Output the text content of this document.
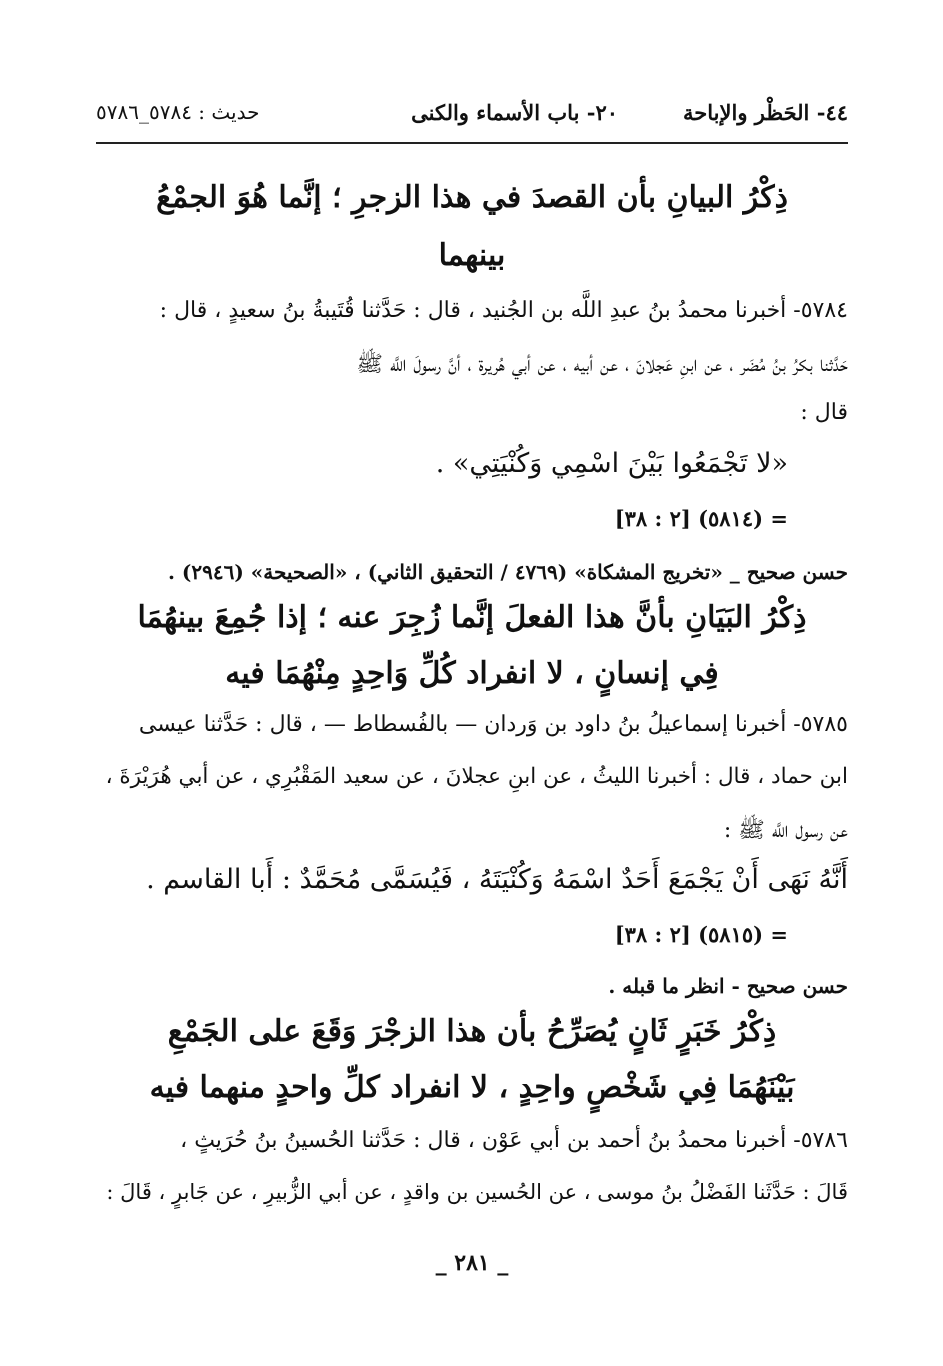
٤٤- الحَظْر والإباحة
٢٠- باب الأسماء والكنى
حديث : ٥٧٨٤_٥٧٨٦
ذِكْرُ البيانِ بأن القصدَ في هذا الزجرِ ؛ إنَّما هُوَ الجمْعُ
بينهما
٥٧٨٤- أخبرنا محمدُ بنُ عبدِ اللَّه بن الجُنيد ، قال : حَدَّثنا قُتَيبةُ بنُ سعيدٍ ، قال :
حَدَّثنا بكرُ بنُ مُضَر ، عن ابنِ عَجلانَ ، عن أبيه ، عن أبي هُريرة ، أنَّ رسولَ اللَّه ﷺ
قال :
«لا تَجْمَعُوا بَيْنَ اسْمِي وَكُنْيَتِي» .
= (٥٨١٤) [٢ : ٣٨]
حسن صحيح _ «تخريج المشكاة» (٤٧٦٩ / التحقيق الثاني) ، «الصحيحة» (٢٩٤٦) .
ذِكْرُ البَيَانِ بأنَّ هذا الفعلَ إنَّما زُجِرَ عنه ؛ إذا جُمِعَ بينهُمَا
فِي إنسانٍ ، لا انفراد كُلِّ وَاحِدٍ مِنْهُمَا فيه
٥٧٨٥- أخبرنا إسماعيلُ بنُ داود بن وَردان — بالفُسطاط — ، قال : حَدَّثنا عيسى
ابن حماد ، قال : أخبرنا الليثُ ، عن ابنِ عجلانَ ، عن سعيد المَقْبُرِي ، عن أبي هُرَيْرَةَ ،
عن رسول اللَّه ﷺ :
أَنَّهُ نَهَى أَنْ يَجْمَعَ أَحَدٌ اسْمَهُ وَكُنْيَتَهُ ، فَيُسَمَّى مُحَمَّدٌ : أَبا القاسم .
= (٥٨١٥) [٢ : ٣٨]
حسن صحيح - انظر ما قبله .
ذِكْرُ خَبَرٍ ثَانٍ يُصَرِّحُ بأن هذا الزجْرَ وَقَعَ على الجَمْعِ
بَيْنَهُمَا فِي شَخْصٍ واحِدٍ ، لا انفراد كلِّ واحدٍ منهما فيه
٥٧٨٦- أخبرنا محمدُ بنُ أحمد بن أبي عَوْن ، قال : حَدَّثنا الحُسينُ بنُ حُرَيثٍ ،
قَالَ : حَدَّثَنا الفَضْلُ بنُ موسى ، عن الحُسين بن واقدٍ ، عن أبي الزُّبيرِ ، عن جَابرٍ ، قَالَ :
_ ٢٨١ _
